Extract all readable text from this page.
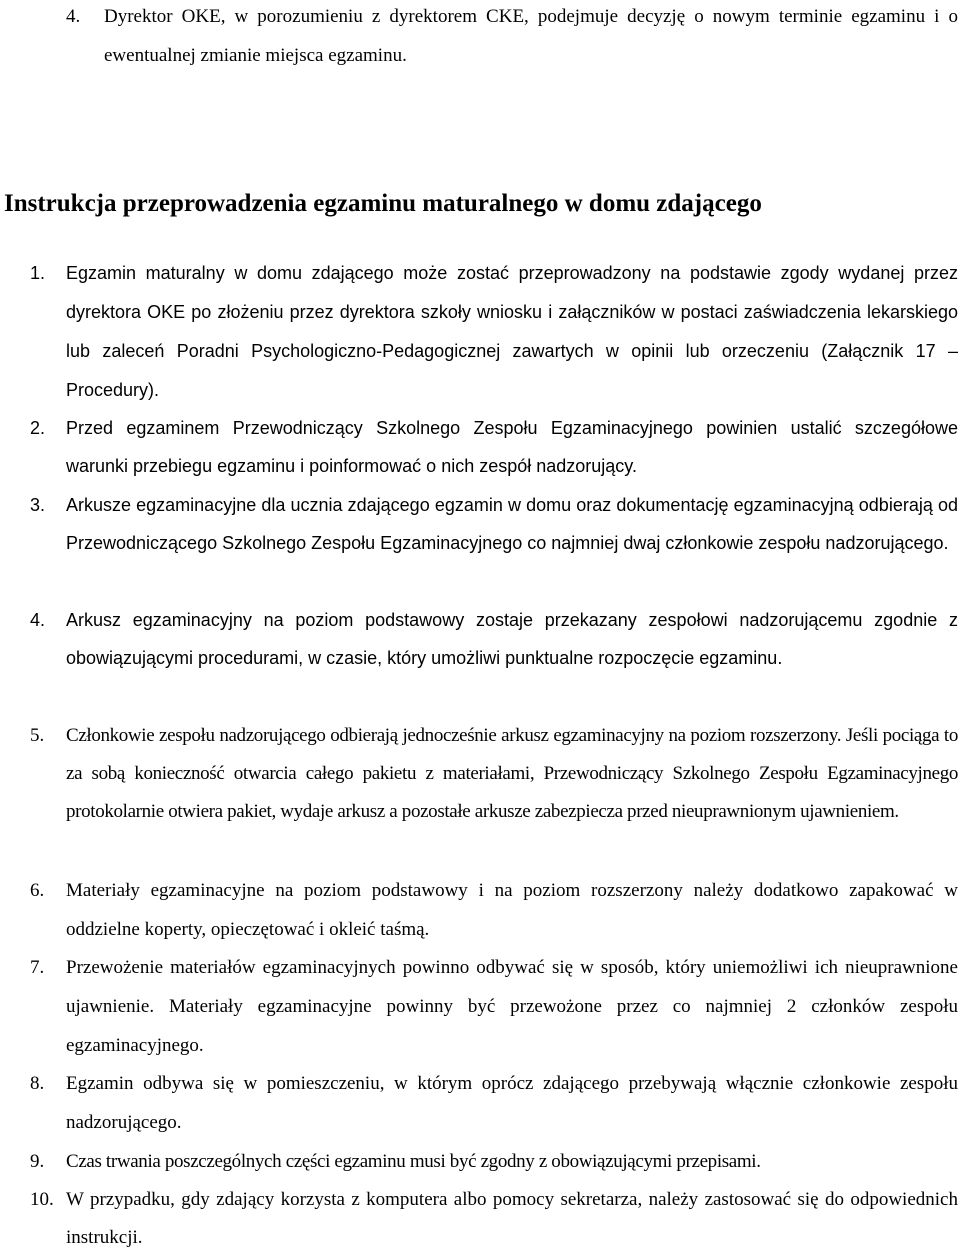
4. Dyrektor OKE, w porozumieniu z dyrektorem CKE, podejmuje decyzję o nowym terminie egzaminu i o ewentualnej zmianie miejsca egzaminu.
Instrukcja przeprowadzenia egzaminu maturalnego w domu zdającego
1. Egzamin maturalny w domu zdającego może zostać przeprowadzony na podstawie zgody wydanej przez dyrektora OKE po złożeniu przez dyrektora szkoły wniosku i załączników w postaci zaświadczenia lekarskiego lub zaleceń Poradni Psychologiczno-Pedagogicznej zawartych w opinii lub orzeczeniu (Załącznik 17 – Procedury).
2. Przed egzaminem Przewodniczący Szkolnego Zespołu Egzaminacyjnego powinien ustalić szczegółowe warunki przebiegu egzaminu i poinformować o nich zespół nadzorujący.
3. Arkusze egzaminacyjne dla ucznia zdającego egzamin w domu oraz dokumentację egzaminacyjną odbierają od Przewodniczącego Szkolnego Zespołu Egzaminacyjnego co najmniej dwaj członkowie zespołu nadzorującego.
4. Arkusz egzaminacyjny na poziom podstawowy zostaje przekazany zespołowi nadzorującemu zgodnie z obowiązującymi procedurami, w czasie, który umożliwi punktualne rozpoczęcie egzaminu.
5. Członkowie zespołu nadzorującego odbierają jednocześnie arkusz egzaminacyjny na poziom rozszerzony. Jeśli pociąga to za sobą konieczność otwarcia całego pakietu z materiałami, Przewodniczący Szkolnego Zespołu Egzaminacyjnego protokolarnie otwiera pakiet, wydaje arkusz a pozostałe arkusze zabezpiecza przed nieuprawnionym ujawnieniem.
6. Materiały egzaminacyjne na poziom podstawowy i na poziom rozszerzony należy dodatkowo zapakować w oddzielne koperty, opieczętować i okleić taśmą.
7. Przewożenie materiałów egzaminacyjnych powinno odbywać się w sposób, który uniemożliwi ich nieuprawnione ujawnienie. Materiały egzaminacyjne powinny być przewożone przez co najmniej 2 członków zespołu egzaminacyjnego.
8. Egzamin odbywa się w pomieszczeniu, w którym oprócz zdającego przebywają włącznie członkowie zespołu nadzorującego.
9. Czas trwania poszczególnych części egzaminu musi być zgodny z obowiązującymi przepisami.
10. W przypadku, gdy zdający korzysta z komputera albo pomocy sekretarza, należy zastosować się do odpowiednich instrukcji.
